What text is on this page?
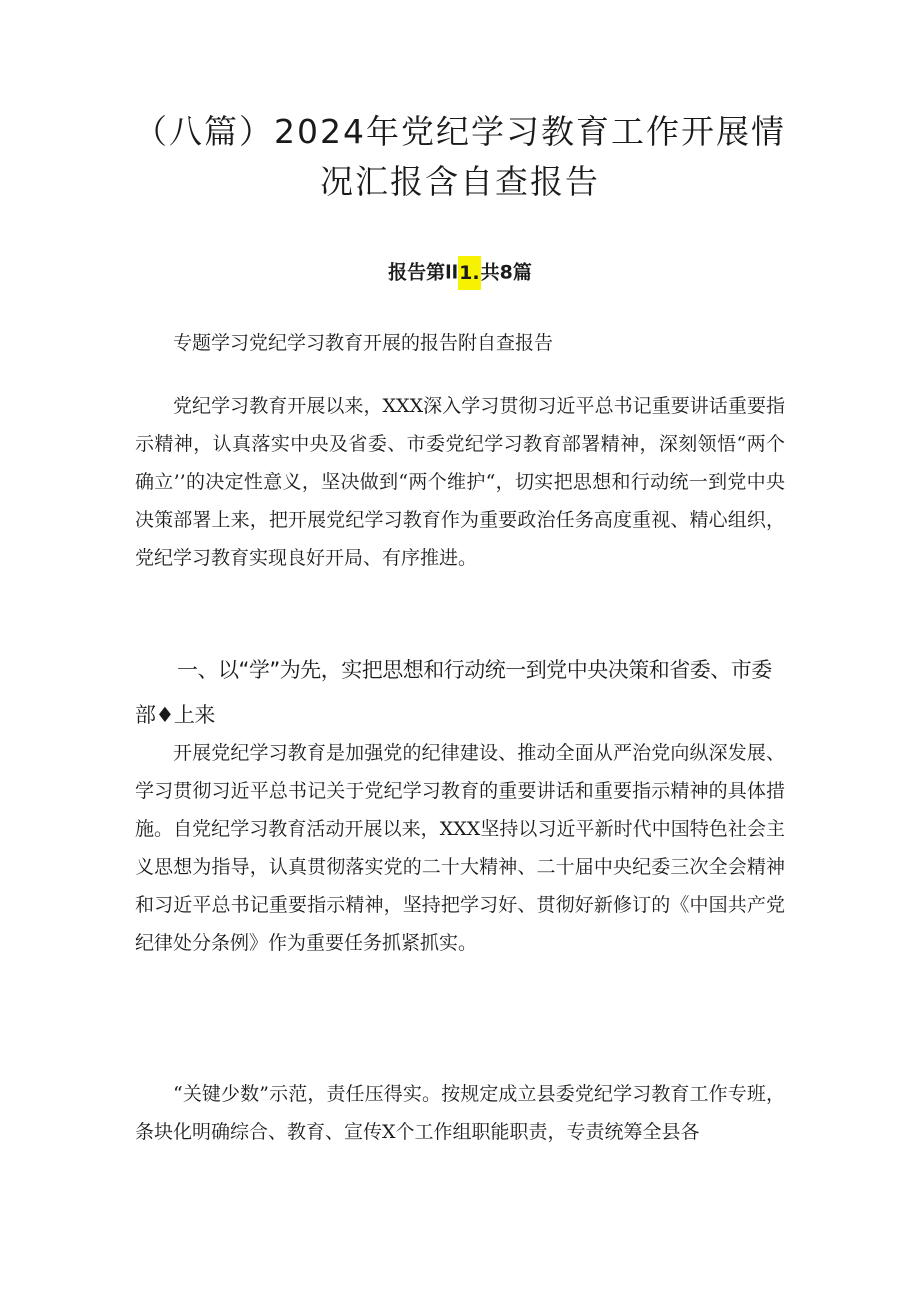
（八篇）2024年党纪学习教育工作开展情
况汇报含自查报告
报告第ll1.共8篇
专题学习党纪学习教育开展的报告附自查报告
党纪学习教育开展以来，XXX深入学习贯彻习近平总书记重要讲话重要指示精神，认真落实中央及省委、市委党纪学习教育部署精神，深刻领悟“两个确立’’的决定性意义，坚决做到“两个维护“，切实把思想和行动统一到党中央决策部署上来，把开展党纪学习教育作为重要政治任务高度重视、精心组织，党纪学习教育实现良好开局、有序推进。
一、以“学”为先，实把思想和行动统一到党中央决策和省委、市委部♦上来
开展党纪学习教育是加强党的纪律建设、推动全面从严治党向纵深发展、学习贯彻习近平总书记关于党纪学习教育的重要讲话和重要指示精神的具体措施。自党纪学习教育活动开展以来，XXX坚持以习近平新时代中国特色社会主义思想为指导，认真贯彻落实党的二十大精神、二十届中央纪委三次全会精神和习近平总书记重要指示精神，坚持把学习好、贯彻好新修订的《中国共产党纪律处分条例》作为重要任务抓紧抓实。
“关键少数”示范，责任压得实。按规定成立县委党纪学习教育工作专班，条块化明确综合、教育、宣传X个工作组职能职责，专责统筹全县各
